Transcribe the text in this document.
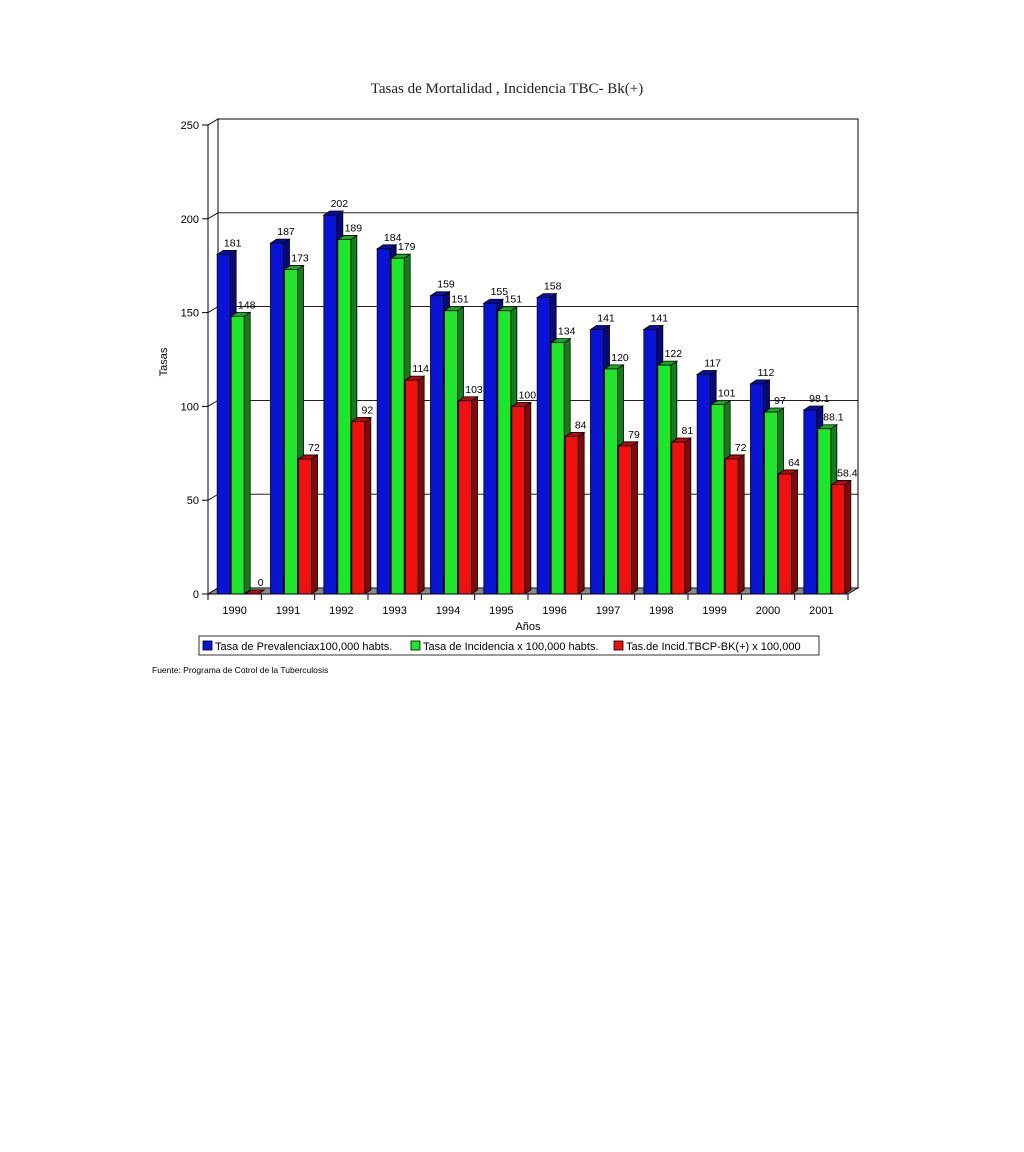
Tasas de Mortalidad , Incidencia TBC- Bk(+)
181
148
0
187
173
72
202
189
92
184
179
114
159
151
103
155
151
100
158
134
84
141
120
79
141
122
81
117
101
72
112
97
64
98.1
88.1
58.4
0
50
100
150
200
250
1990	1991	1992	1993	1994	1995	1996	1997	1998	1999	2000	2001
Tasas
Años
Tasa de Prevalenciax100,000 habts.	Tasa de Incidencia x 100,000 habts. Tas.de Incid.TBCP-BK(+) x 100,000
Fuente: Programa de Cotrol de la Tuberculosis
